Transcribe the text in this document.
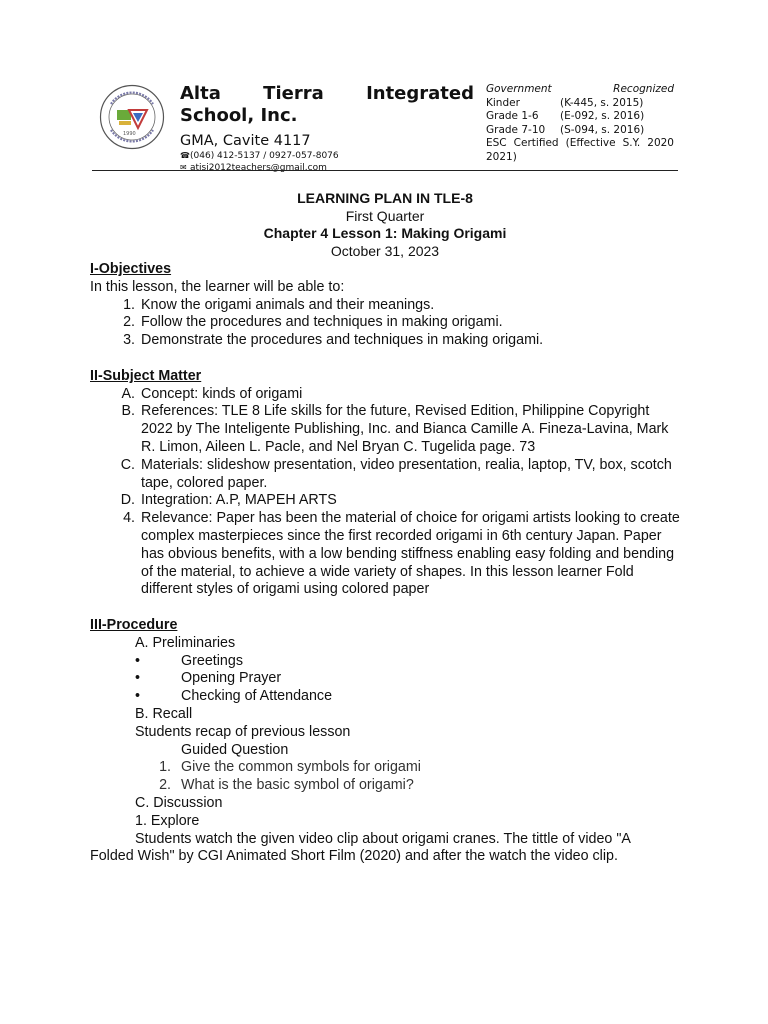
1990

Alta Tierra Integrated School, Inc.

GMA, Cavite 4117
☎(046) 412-5137 / 0927-057-8076
✉ atisi2012teachers@gmail.com
Government	Recognized
Kinder	(K-445, s. 2015)
Grade 1-6	(E-092, s. 2016)
Grade 7-10	(S-094, s. 2016)
ESC Certified (Effective S.Y. 2020 2021)
LEARNING PLAN IN TLE-8
First Quarter
Chapter 4 Lesson 1: Making Origami
October 31, 2023
I-Objectives
In this lesson, the learner will be able to:
1. Know the origami animals and their meanings.
2. Follow the procedures and techniques in making origami.
3. Demonstrate the procedures and techniques in making origami.
II-Subject Matter
A. Concept: kinds of origami
B. References: TLE 8 Life skills for the future, Revised Edition, Philippine Copyright 2022 by The Inteligente Publishing, Inc. and Bianca Camille A. Fineza-Lavina, Mark R. Limon, Aileen L. Pacle, and Nel Bryan C. Tugelida page. 73
C. Materials: slideshow presentation, video presentation, realia, laptop, TV, box, scotch tape, colored paper.
D. Integration: A.P, MAPEH ARTS
4. Relevance: Paper has been the material of choice for origami artists looking to create complex masterpieces since the first recorded origami in 6th century Japan. Paper has obvious benefits, with a low bending stiffness enabling easy folding and bending of the material, to achieve a wide variety of shapes. In this lesson learner Fold different styles of origami using colored paper
III-Procedure
A. Preliminaries
•	Greetings
•	Opening Prayer
•	Checking of Attendance
B. Recall
Students recap of previous lesson
Guided Question
1. Give the common symbols for origami
2. What is the basic symbol of origami?
C. Discussion
1. Explore
Students watch the given video clip about origami cranes. The tittle of video "A
Folded Wish" by CGI Animated Short Film (2020) and after the watch the video clip.
